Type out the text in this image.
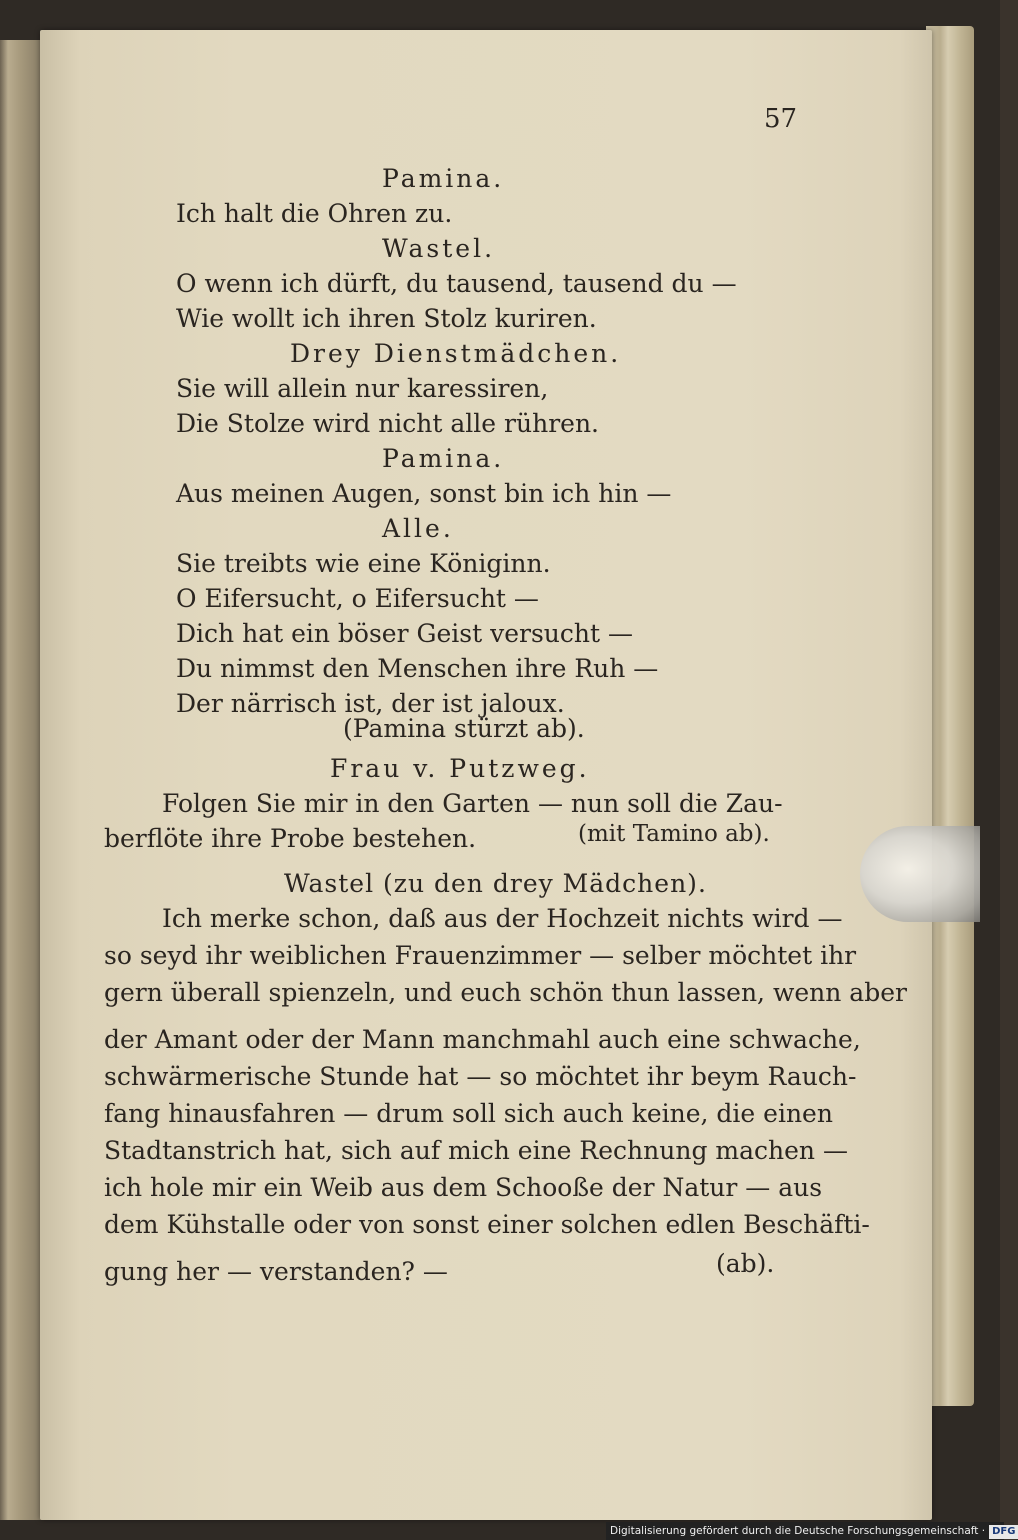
57
Pamina.
Ich halt die Ohren zu.
Wastel.
O wenn ich dürft, du tausend, tausend du —
Wie wollt ich ihren Stolz kuriren.
Drey Dienstmädchen.
Sie will allein nur karessiren,
Die Stolze wird nicht alle rühren.
Pamina.
Aus meinen Augen, sonst bin ich hin —
Alle.
Sie treibts wie eine Königinn.
O Eifersucht, o Eifersucht —
Dich hat ein böser Geist versucht —
Du nimmst den Menschen ihre Ruh —
Der närrisch ist, der ist jaloux.
(Pamina stürzt ab).
Frau v. Putzweg.
Folgen Sie mir in den Garten — nun soll die Zau-
berflöte ihre Probe bestehen.	(mit Tamino ab).
Wastel (zu den drey Mädchen).
Ich merke schon, daß aus der Hochzeit nichts wird —
so seyd ihr weiblichen Frauenzimmer — selber möchtet ihr
gern überall spienzeln, und euch schön thun lassen, wenn aber
der Amant oder der Mann manchmahl auch eine schwache,
schwärmerische Stunde hat — so möchtet ihr beym Rauch-
fang hinausfahren — drum soll sich auch keine, die einen
Stadtanstrich hat, sich auf mich eine Rechnung machen —
ich hole mir ein Weib aus dem Schooße der Natur — aus
dem Kühstalle oder von sonst einer solchen edlen Beschäfti-
gung her — verstanden? —	(ab).
Digitalisierung gefördert durch die Deutsche Forschungsgemeinschaft · DFG
